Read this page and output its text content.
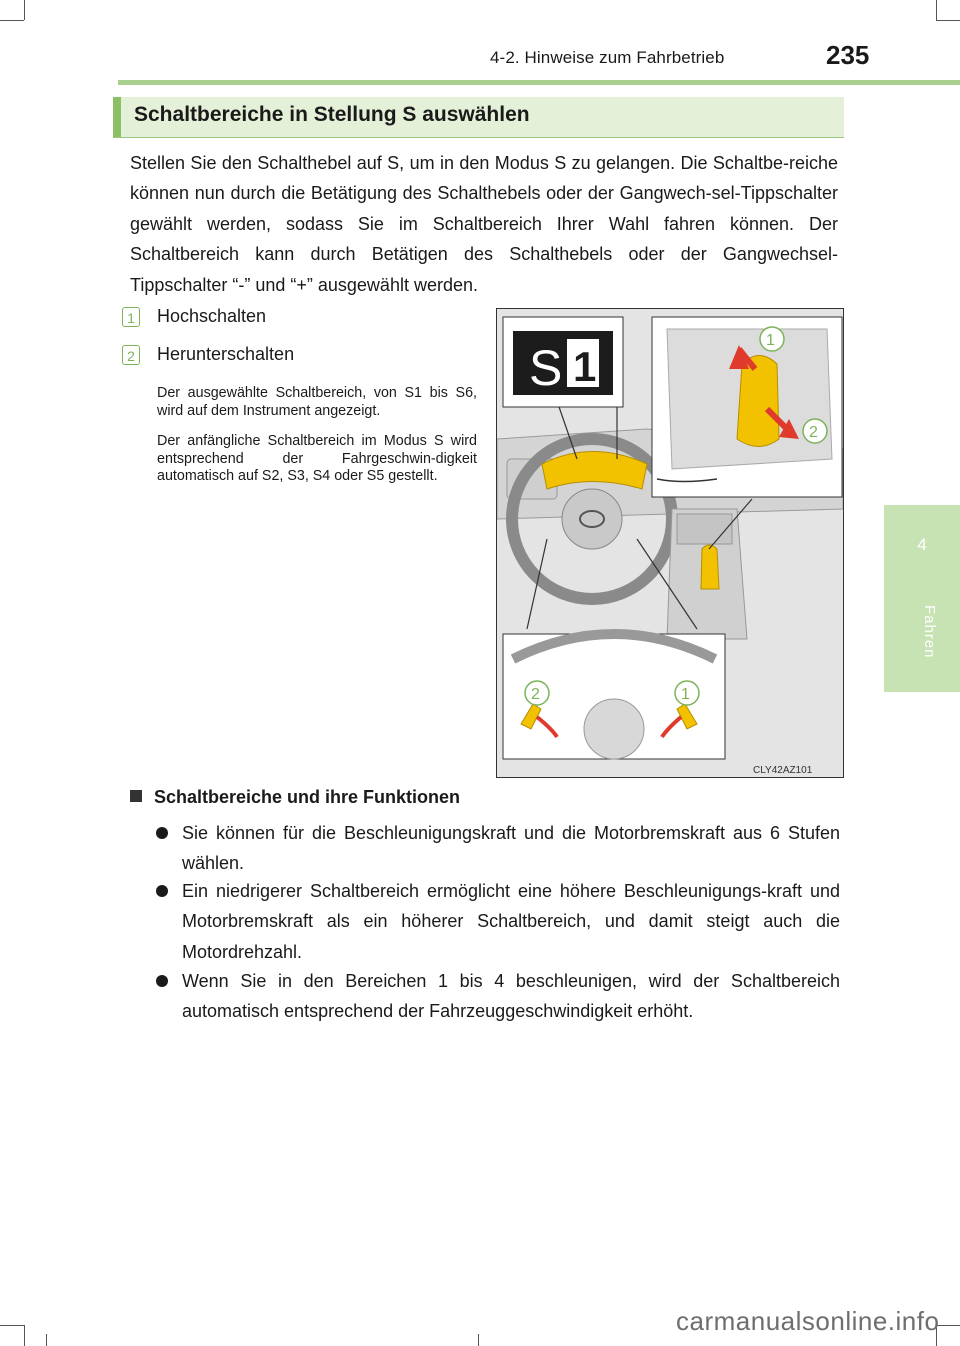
4-2. Hinweise zum Fahrbetrieb	235
4
Fahren
Schaltbereiche in Stellung S auswählen
Stellen Sie den Schalthebel auf S, um in den Modus S zu gelangen. Die Schaltbe-reiche können nun durch die Betätigung des Schalthebels oder der Gangwech-sel-Tippschalter gewählt werden, sodass Sie im Schaltbereich Ihrer Wahl fahren können. Der Schaltbereich kann durch Betätigen des Schalthebels oder der Gangwechsel-Tippschalter “-” und “+” ausgewählt werden.
1 Hochschalten
2 Herunterschalten
Der ausgewählte Schaltbereich, von S1 bis S6, wird auf dem Instrument angezeigt.
Der anfängliche Schaltbereich im Modus S wird entsprechend der Fahrgeschwin-digkeit automatisch auf S2, S3, S4 oder S5 gestellt.
S 1
1
2
2	1
CLY42AZ101
Schaltbereiche und ihre Funktionen
Sie können für die Beschleunigungskraft und die Motorbremskraft aus 6 Stufen wählen.
Ein niedrigerer Schaltbereich ermöglicht eine höhere Beschleunigungs-kraft und Motorbremskraft als ein höherer Schaltbereich, und damit steigt auch die Motordrehzahl.
Wenn Sie in den Bereichen 1 bis 4 beschleunigen, wird der Schaltbereich automatisch entsprechend der Fahrzeuggeschwindigkeit erhöht.
carmanualsonline.info
